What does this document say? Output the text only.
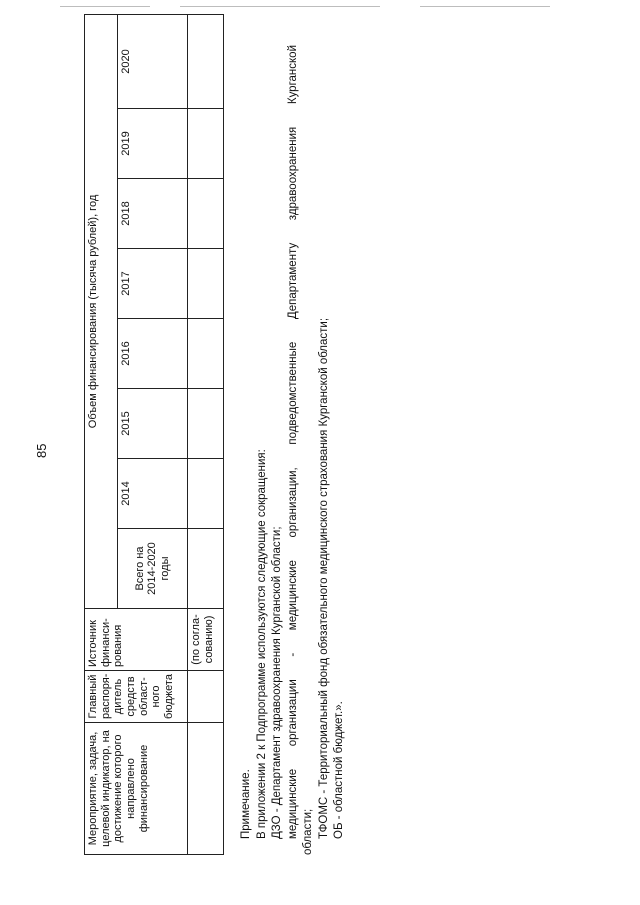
85
Мероприятие, задача, целевой индикатор, на достижение которого направлено финансирование	Главный распоря-дитель средств област-ного бюджета	Источник финанси-рования	Объем финансирования (тысяча рублей), год							
			Всего на 2014-2020 годы	2014	2015	2016	2017	2018	2019	2020
		(по согла-сованию)								

Примечание. В приложении 2 к Подпрограмме используются следующие сокращения: ДЗО - Департамент здравоохранения Курганской области; медицинские организации - медицинские организации, подведомственные Департаменту здравоохранения Курганской области; ТФОМС - Территориальный фонд обязательного медицинского страхования Курганской области; ОБ - областной бюджет.».
